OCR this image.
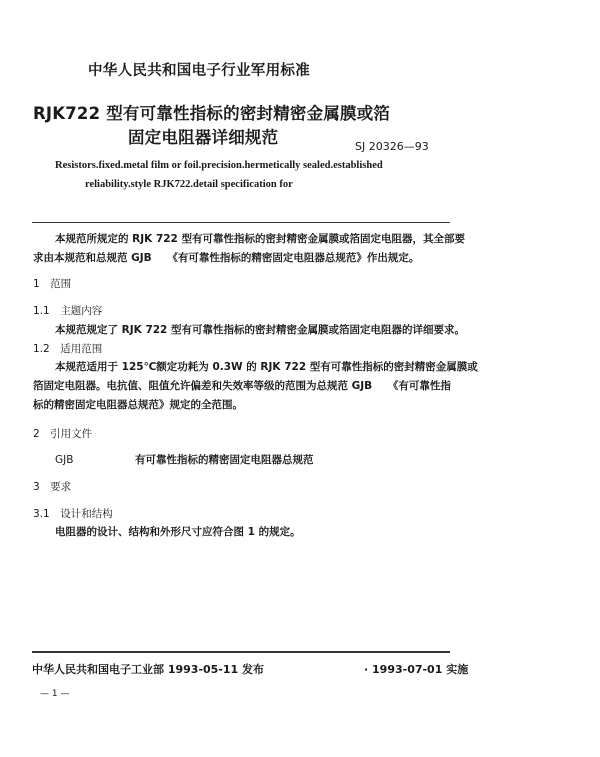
中华人民共和国电子行业军用标准
RJK722 型有可靠性指标的密封精密金属膜或箔
固定电阻器详细规范	SJ 20326—93
Resistors.fixed.metal film or foil.precision.hermetically sealed.established
reliability.style RJK722.detail specification for
本规范所规定的 RJK 722 型有可靠性指标的密封精密金属膜或箔固定电阻器，其全部要
求由本规范和总规范 GJB　　《有可靠性指标的精密固定电阻器总规范》作出规定。
1　范围
1.1　主题内容
本规范规定了 RJK 722 型有可靠性指标的密封精密金属膜或箔固定电阻器的详细要求。
1.2　适用范围
本规范适用于 125℃额定功耗为 0.3W 的 RJK 722 型有可靠性指标的密封精密金属膜或
箔固定电阻器。电抗值、阻值允许偏差和失效率等级的范围为总规范 GJB　　《有可靠性指
标的精密固定电阻器总规范》规定的全范围。
2　引用文件
GJB	有可靠性指标的精密固定电阻器总规范
3　要求
3.1　设计和结构
电阻器的设计、结构和外形尺寸应符合图 1 的规定。
中华人民共和国电子工业部 1993-05-11 发布	· 1993-07-01 实施
— 1 —
